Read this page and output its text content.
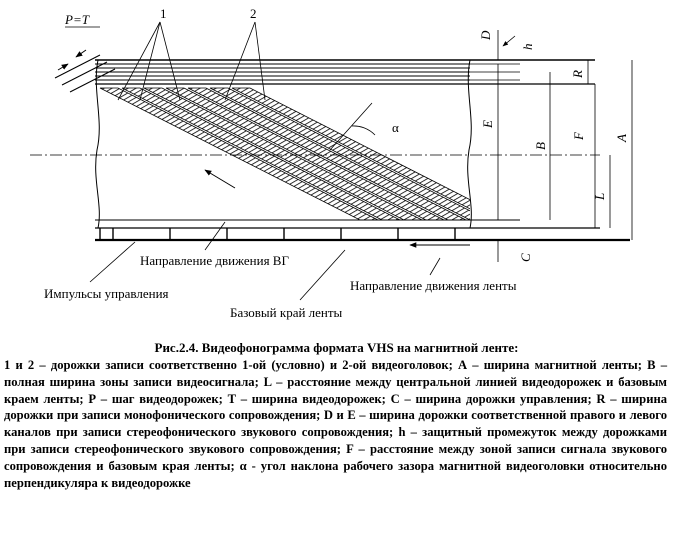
P=T	1	2
α
D
h
R
E
B
F A
L
C
Направление движения ВГ
Направление движения ленты
Импульсы управления
Базовый край ленты
Рис.2.4. Видеофонограмма формата VHS на магнитной ленте:
1 и 2 – дорожки записи соответственно 1-ой (условно) и 2-ой видеоголовок; А – ширина магнитной ленты; В – полная ширина зоны записи видеосигнала; L – расстояние между центральной линией видеодорожек и базовым краем ленты; Р – шаг видеодорожек; Т – ширина видеодорожек; С – ширина дорожки управления; R – ширина дорожки при записи монофонического сопровождения; D и Е – ширина дорожки соответственной правого и левого каналов при записи стереофонического звукового сопровождения; h – защитный промежуток между дорожками при записи стереофонического звукового сопровождения; F – расстояние между зоной записи сигнала звукового сопровождения и базовым края ленты; α - угол наклона рабочего зазора магнитной видеоголовки относительно перпендикуляра к видеодорожке
